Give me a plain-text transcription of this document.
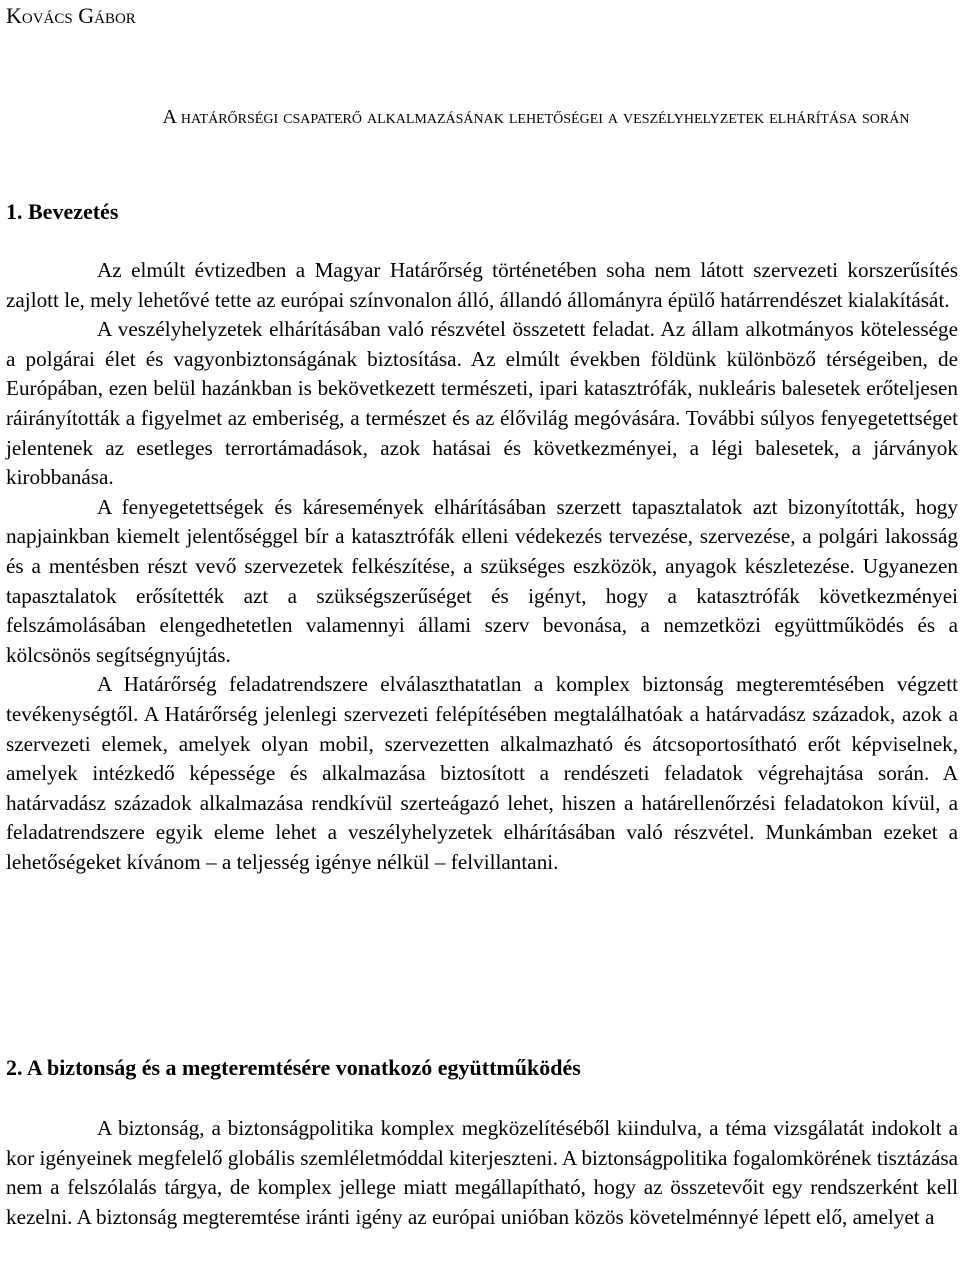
Kovács Gábor
A határőrségi csapaterő alkalmazásának lehetőségei a veszélyhelyzetek elhárítása során
1. Bevezetés

Az elmúlt évtizedben a Magyar Határőrség történetében soha nem látott szervezeti korszerűsítés zajlott le, mely lehetővé tette az európai színvonalon álló, állandó állományra épülő határrendészet kialakítását.

A veszélyhelyzetek elhárításában való részvétel összetett feladat. Az állam alkotmányos kötelessége a polgárai élet és vagyonbiztonságának biztosítása. Az elmúlt években földünk különböző térségeiben, de Európában, ezen belül hazánkban is bekövetkezett természeti, ipari katasztrófák, nukleáris balesetek erőteljesen ráirányították a figyelmet az emberiség, a természet és az élővilág megóvására. További súlyos fenyegetettséget jelentenek az esetleges terrortámadások, azok hatásai és következményei, a légi balesetek, a járványok kirobbanása.

A fenyegetettségek és káresemények elhárításában szerzett tapasztalatok azt bizonyították, hogy napjainkban kiemelt jelentőséggel bír a katasztrófák elleni védekezés tervezése, szervezése, a polgári lakosság és a mentésben részt vevő szervezetek felkészítése, a szükséges eszközök, anyagok készletezése. Ugyanezen tapasztalatok erősítették azt a szükségszerűséget és igényt, hogy a katasztrófák következményei felszámolásában elengedhetetlen valamennyi állami szerv bevonása, a nemzetközi együttműködés és a kölcsönös segítségnyújtás.

A Határőrség feladatrendszere elválaszthatatlan a komplex biztonság megteremtésében végzett tevékenységtől. A Határőrség jelenlegi szervezeti felépítésében megtalálhatóak a határvadász századok, azok a szervezeti elemek, amelyek olyan mobil, szervezetten alkalmazható és átcsoportosítható erőt képviselnek, amelyek intézkedő képessége és alkalmazása biztosított a rendészeti feladatok végrehajtása során. A határvadász századok alkalmazása rendkívül szerteágazó lehet, hiszen a határellenőrzési feladatokon kívül, a feladatrendszere egyik eleme lehet a veszélyhelyzetek elhárításában való részvétel. Munkámban ezeket a lehetőségeket kívánom – a teljesség igénye nélkül – felvillantani.

2. A biztonság és a megteremtésére vonatkozó együttműködés

A biztonság, a biztonságpolitika komplex megközelítéséből kiindulva, a téma vizsgálatát indokolt a kor igényeinek megfelelő globális szemléletmóddal kiterjeszteni. A biztonságpolitika fogalomkörének tisztázása nem a felszólalás tárgya, de komplex jellege miatt megállapítható, hogy az összetevőit egy rendszerként kell kezelni. A biztonság megteremtése iránti igény az európai unióban közös követelménnyé lépett elő, amelyet a
